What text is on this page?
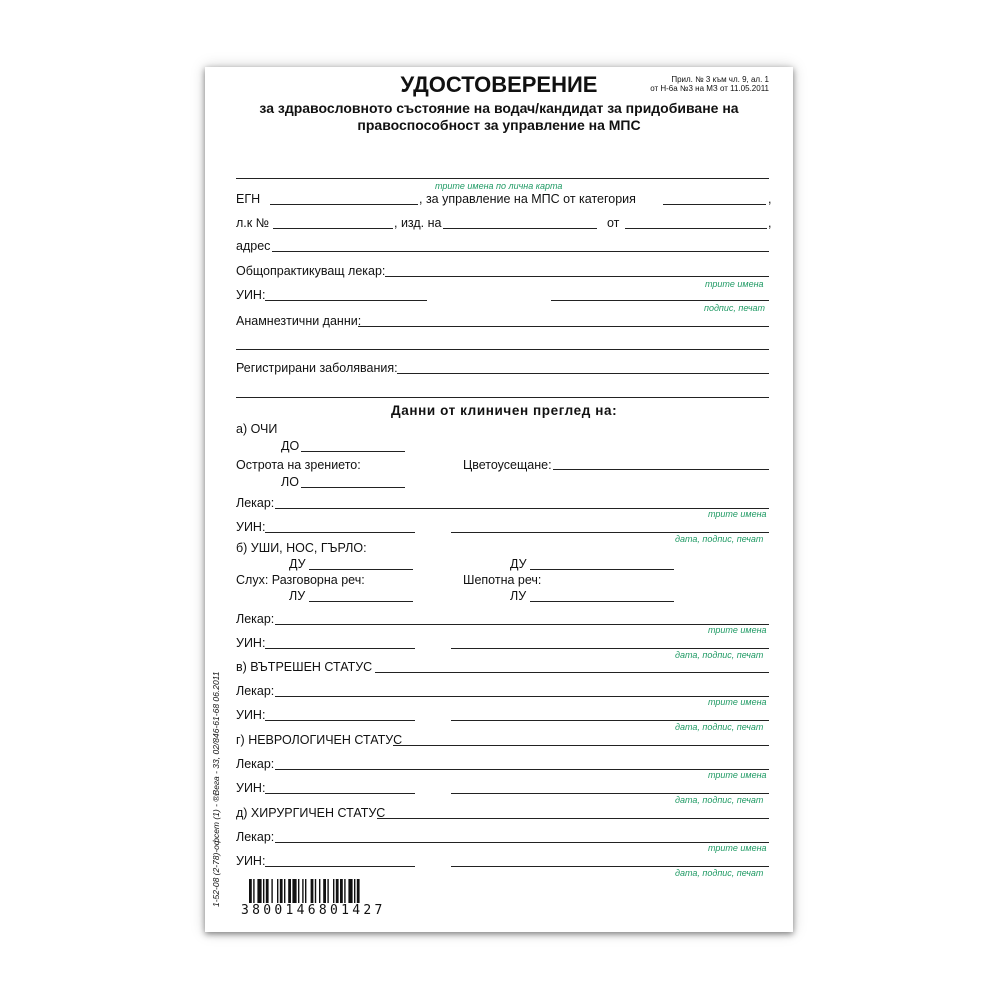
УДОСТОВЕРЕНИЕ
за здравословното състояние на водач/кандидат за придобиване на
правоспособност за управление на МПС
Прил. № 3 към чл. 9, ал. 1
от Н-6а №3 на МЗ от 11.05.2011
трите имена по лична карта
ЕГН	, за управление на МПС от категория	,
л.к №	, изд. на	от	,
адрес
Общопрактикуващ лекар:
трите имена
УИН:
подпис, печат
Анамнезтични данни:
Регистрирани заболявания:
Данни от клиничен преглед на:
а) ОЧИ
ДО
Острота на зрението:	Цветоусещане:
ЛО
Лекар:
трите имена
УИН:
дата, подпис, печат
б) УШИ, НОС, ГЪРЛО:
ДУ	ДУ
Слух: Разговорна реч:	Шепотна реч:
ЛУ	ЛУ
Лекар:
трите имена
УИН:
дата, подпис, печат
в) ВЪТРЕШЕН СТАТУС
Лекар:
трите имена
УИН:
дата, подпис, печат
г) НЕВРОЛОГИЧЕН СТАТУС
Лекар:
трите имена
УИН:
дата, подпис, печат
д) ХИРУРГИЧЕН СТАТУС
Лекар:
трите имена
УИН:
дата, подпис, печат
1-52-08 (2-78)-офсет (1) - ®Вега - 33, 02/846-61-68 06.2011
3800146801427
